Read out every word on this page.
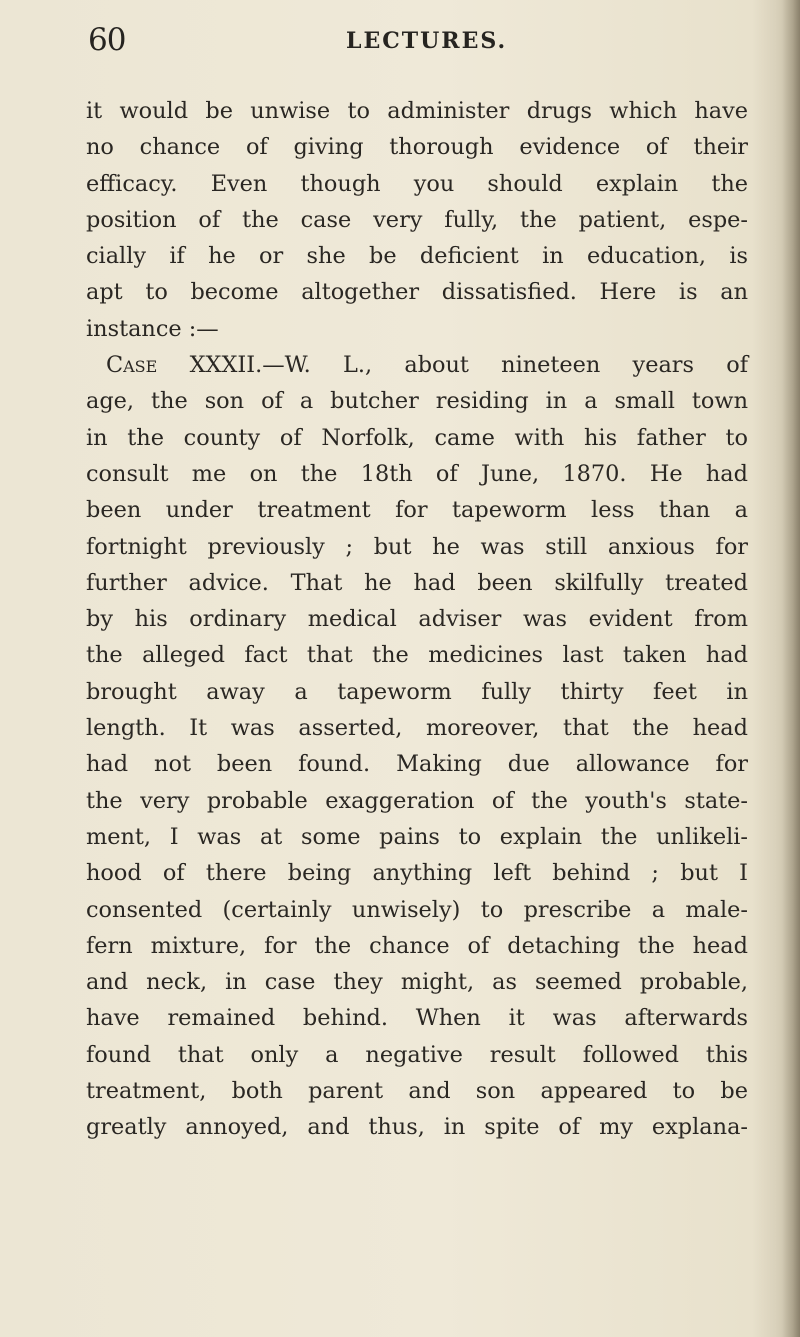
60	LECTURES.
it would be unwise to administer drugs which have
no chance of giving thorough evidence of their
efficacy. Even though you should explain the
position of the case very fully, the patient, espe-
cially if he or she be deficient in education, is
apt to become altogether dissatisfied. Here is an
instance :—
Case XXXII.—W. L., about nineteen years of
age, the son of a butcher residing in a small town
in the county of Norfolk, came with his father to
consult me on the 18th of June, 1870. He had
been under treatment for tapeworm less than a
fortnight previously ; but he was still anxious for
further advice. That he had been skilfully treated
by his ordinary medical adviser was evident from
the alleged fact that the medicines last taken had
brought away a tapeworm fully thirty feet in
length. It was asserted, moreover, that the head
had not been found. Making due allowance for
the very probable exaggeration of the youth's state-
ment, I was at some pains to explain the unlikeli-
hood of there being anything left behind ; but I
consented (certainly unwisely) to prescribe a male-
fern mixture, for the chance of detaching the head
and neck, in case they might, as seemed probable,
have remained behind. When it was afterwards
found that only a negative result followed this
treatment, both parent and son appeared to be
greatly annoyed, and thus, in spite of my explana-
